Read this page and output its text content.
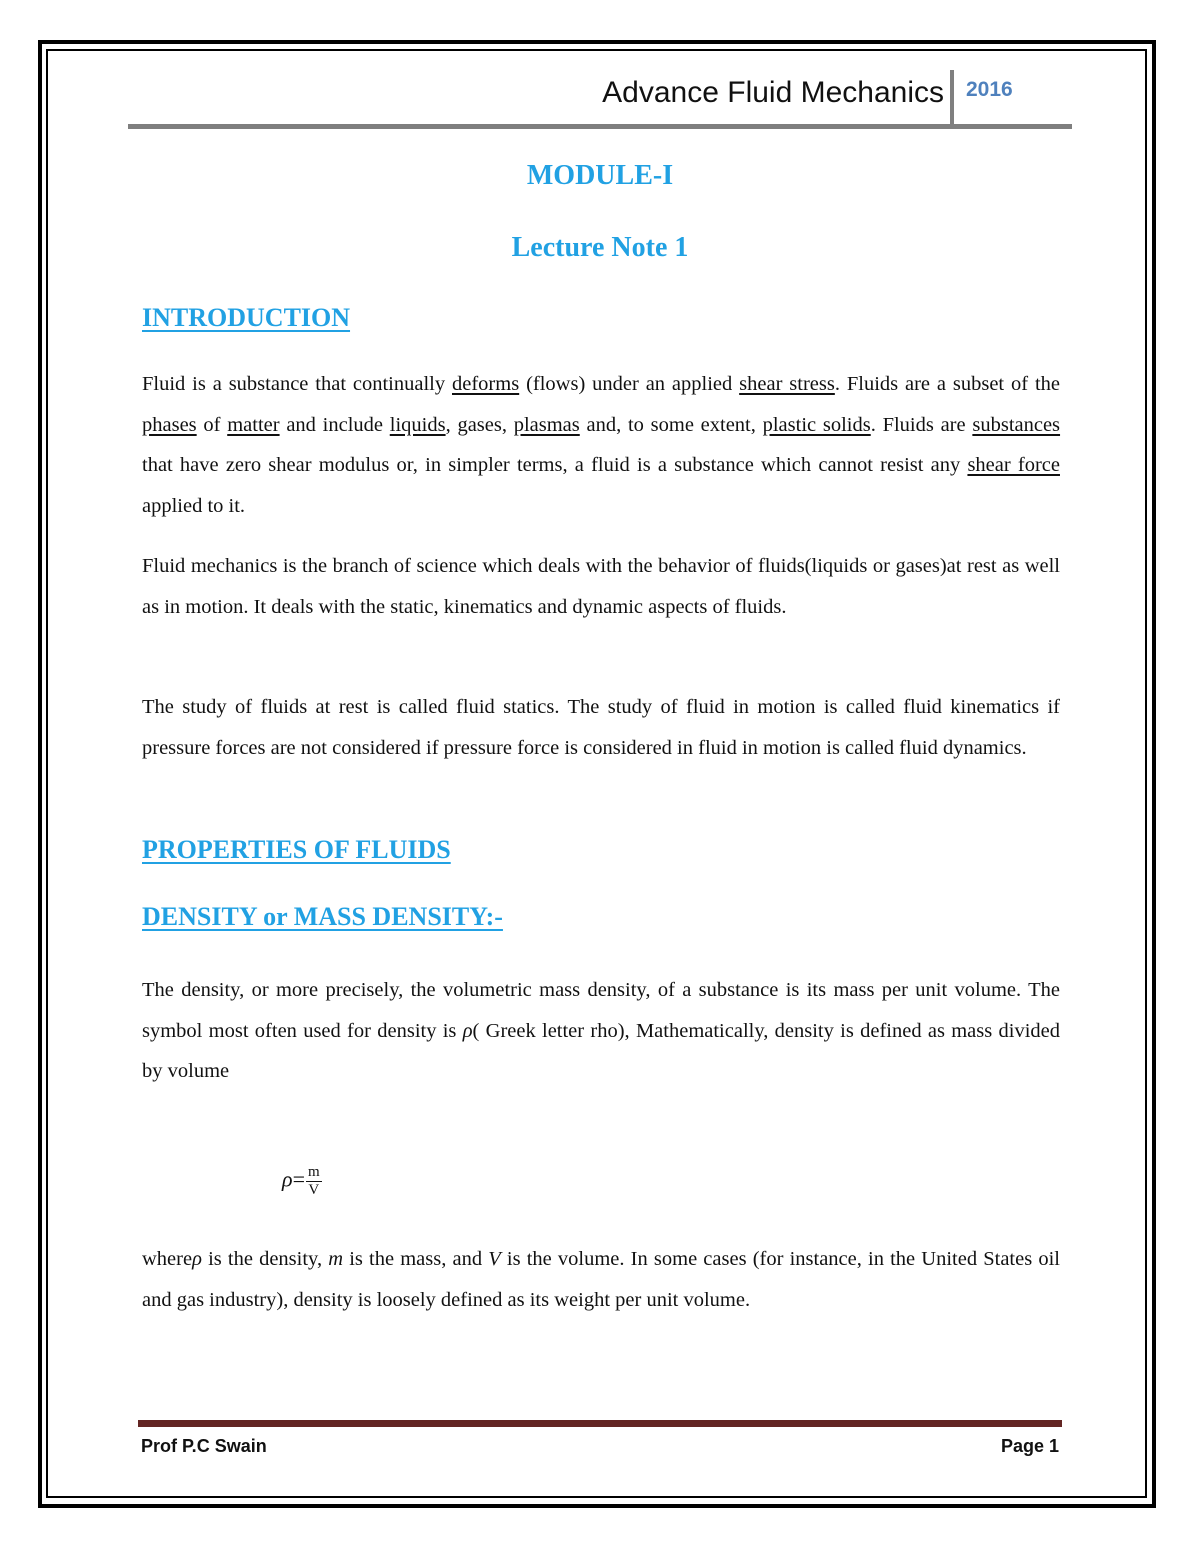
Advance Fluid Mechanics 2016
MODULE-I
Lecture Note 1
INTRODUCTION

Fluid is a substance that continually deforms (flows) under an applied shear stress. Fluids are a subset of the phases of matter and include liquids, gases, plasmas and, to some extent, plastic solids. Fluids are substances that have zero shear modulus or, in simpler terms, a fluid is a substance which cannot resist any shear force applied to it.

Fluid mechanics is the branch of science which deals with the behavior of fluids(liquids or gases)at rest as well as in motion. It deals with the static, kinematics and dynamic aspects of fluids.

The study of fluids at rest is called fluid statics. The study of fluid in motion is called fluid kinematics if pressure forces are not considered if pressure force is considered in fluid in motion is called fluid dynamics.

PROPERTIES OF FLUIDS
DENSITY or MASS DENSITY:-

The density, or more precisely, the volumetric mass density, of a substance is its mass per unit volume. The symbol most often used for density is ρ( Greek letter rho), Mathematically, density is defined as mass divided by volume

$\rho= \frac{m}{V}$

whereρ is the density, m is the mass, and V is the volume. In some cases (for instance, in the United States oil and gas industry), density is loosely defined as its weight per unit volume.

Prof P.C Swain	Page 1
